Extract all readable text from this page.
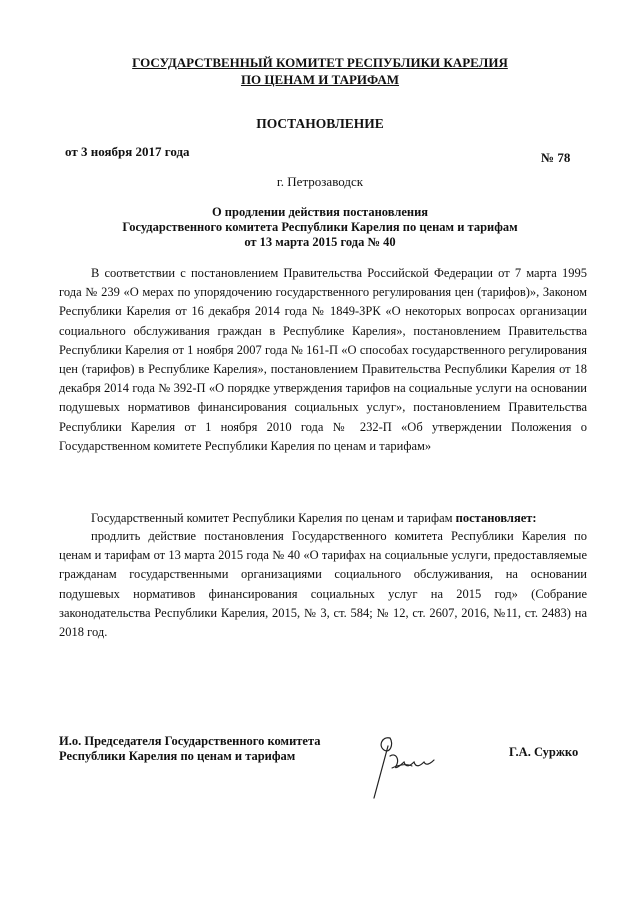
ГОСУДАРСТВЕННЫЙ КОМИТЕТ РЕСПУБЛИКИ КАРЕЛИЯ
ПО ЦЕНАМ И ТАРИФАМ
ПОСТАНОВЛЕНИЕ
от 3 ноября 2017 года	№ 78
г. Петрозаводск
О продлении действия постановления
Государственного комитета Республики Карелия по ценам и тарифам
от 13 марта 2015 года № 40

В соответствии с постановлением Правительства Российской Федерации от 7 марта 1995 года № 239 «О мерах по упорядочению государственного регулирования цен (тарифов)», Законом Республики Карелия от 16 декабря 2014 года № 1849-ЗРК «О некоторых вопросах организации социального обслуживания граждан в Республике Карелия», постановлением Правительства Республики Карелия от 1 ноября 2007 года № 161-П «О способах государственного регулирования цен (тарифов) в Республике Карелия», постановлением Правительства Республики Карелия от 18 декабря 2014 года № 392-П «О порядке утверждения тарифов на социальные услуги на основании подушевых нормативов финансирования социальных услуг», постановлением Правительства Республики Карелия от 1 ноября 2010 года № 232-П «Об утверждении Положения о Государственном комитете Республики Карелия по ценам и тарифам»

Государственный комитет Республики Карелия по ценам и тарифам постановляет:

продлить действие постановления Государственного комитета Республики Карелия по ценам и тарифам от 13 марта 2015 года № 40 «О тарифах на социальные услуги, предоставляемые гражданам государственными организациями социального обслуживания, на основании подушевых нормативов финансирования социальных услуг на 2015 год» (Собрание законодательства Республики Карелия, 2015, № 3, ст. 584; № 12, ст. 2607, 2016, №11, ст. 2483) на 2018 год.

И.о. Председателя Государственного комитета
Республики Карелия по ценам и тарифам	Г.А. Суржко
